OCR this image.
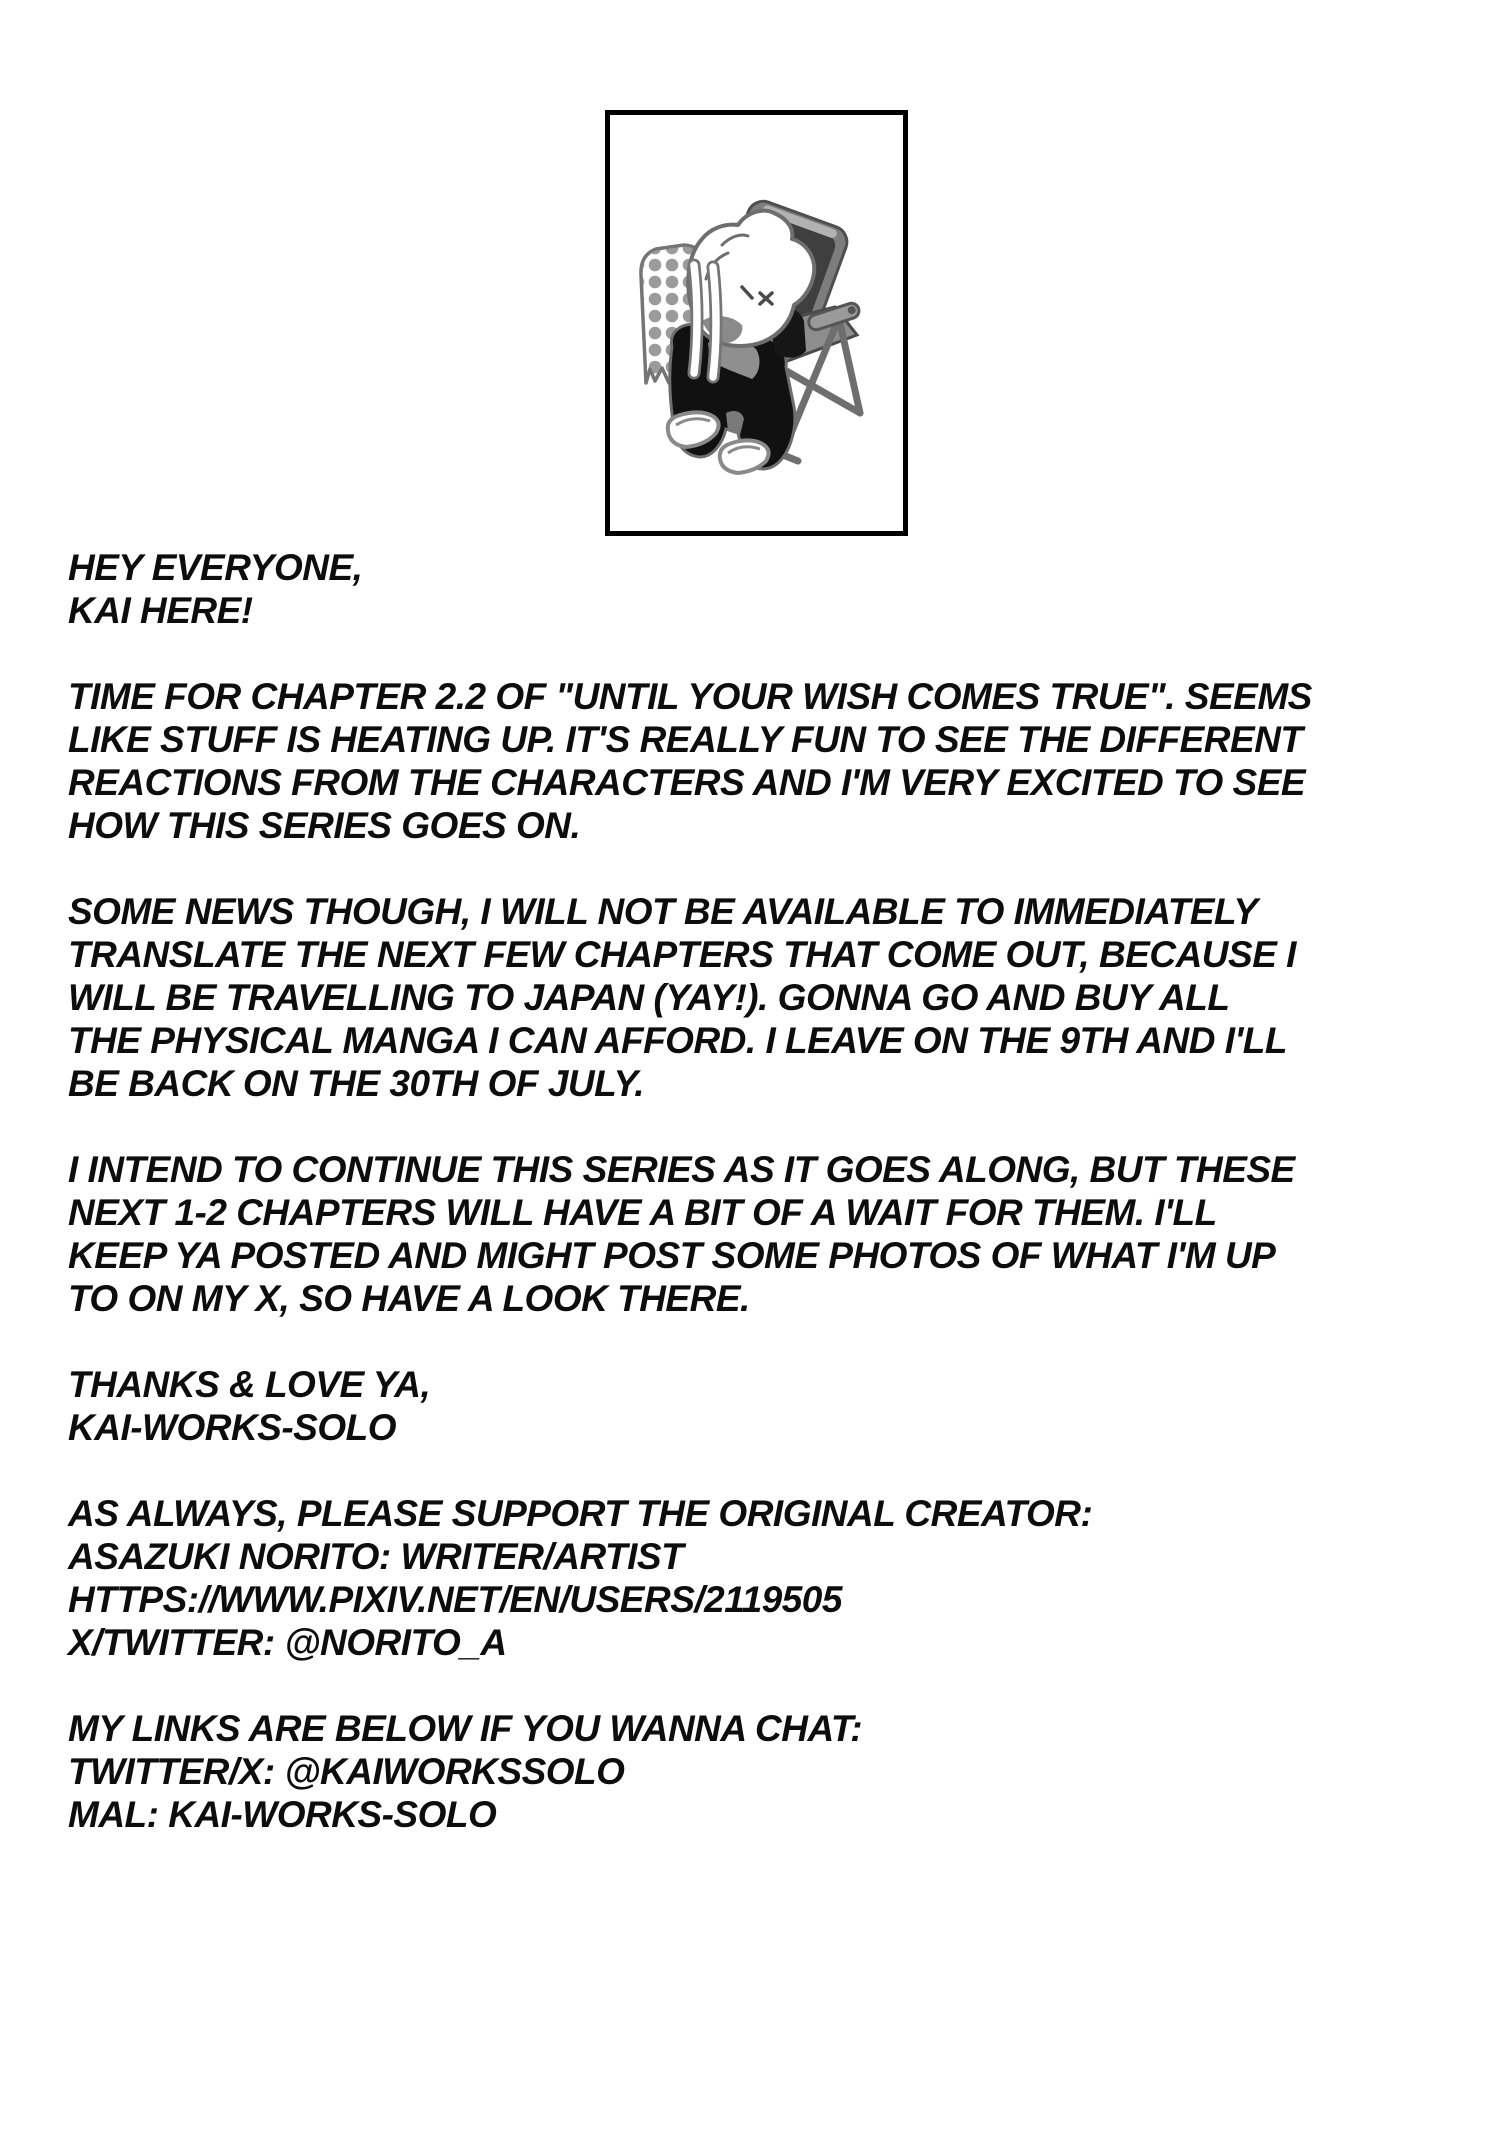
HEY EVERYONE,
KAI HERE!

TIME FOR CHAPTER 2.2 OF "UNTIL YOUR WISH COMES TRUE". SEEMS
LIKE STUFF IS HEATING UP. IT'S REALLY FUN TO SEE THE DIFFERENT
REACTIONS FROM THE CHARACTERS AND I'M VERY EXCITED TO SEE
HOW THIS SERIES GOES ON.

SOME NEWS THOUGH, I WILL NOT BE AVAILABLE TO IMMEDIATELY
TRANSLATE THE NEXT FEW CHAPTERS THAT COME OUT, BECAUSE I
WILL BE TRAVELLING TO JAPAN (YAY!). GONNA GO AND BUY ALL
THE PHYSICAL MANGA I CAN AFFORD. I LEAVE ON THE 9TH AND I'LL
BE BACK ON THE 30TH OF JULY.

I INTEND TO CONTINUE THIS SERIES AS IT GOES ALONG, BUT THESE
NEXT 1-2 CHAPTERS WILL HAVE A BIT OF A WAIT FOR THEM. I'LL
KEEP YA POSTED AND MIGHT POST SOME PHOTOS OF WHAT I'M UP
TO ON MY X, SO HAVE A LOOK THERE.

THANKS & LOVE YA,
KAI-WORKS-SOLO

AS ALWAYS, PLEASE SUPPORT THE ORIGINAL CREATOR:
ASAZUKI NORITO: WRITER/ARTIST
HTTPS://WWW.PIXIV.NET/EN/USERS/2119505
X/TWITTER: @NORITO_A

MY LINKS ARE BELOW IF YOU WANNA CHAT:
TWITTER/X: @KAIWORKSSOLO
MAL: KAI-WORKS-SOLO
